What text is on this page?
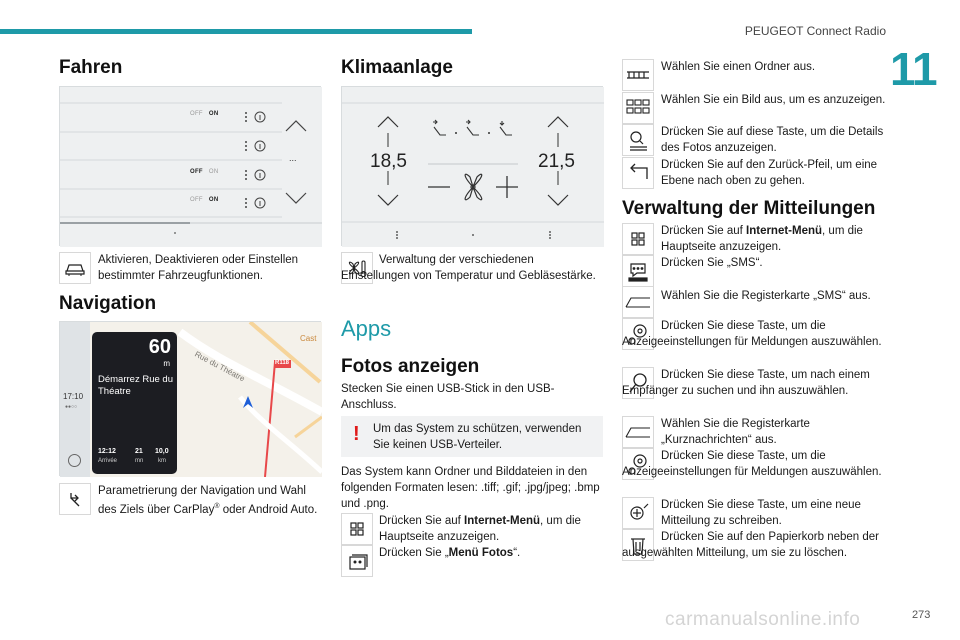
PEUGEOT Connect Radio
11
273
Fahren
OFF ON
OFF ON
OFF ON
...
Aktivieren, Deaktivieren oder Einstellen bestimmter Fahrzeugfunktionen.
Navigation
60
m
Démarrez Rue du Théatre
12:12
Arrivée
21
mn
10,0
km
17:10
●●○○
Rue du Théatre	R118
Cast
Parametrierung der Navigation und Wahl des Ziels über CarPlay® oder Android Auto.
Klimaanlage
18,5	21,5
Verwaltung der verschiedenen Einstellungen von Temperatur und Gebläsestärke.
Apps
Fotos anzeigen
Stecken Sie einen USB-Stick in den USB-Anschluss.
! Um das System zu schützen, verwenden Sie keinen USB-Verteiler.
Das System kann Ordner und Bilddateien in den folgenden Formaten lesen: .tiff; .gif; .jpg/jpeg; .bmp und .png.
Drücken Sie auf Internet-Menü, um die Hauptseite anzuzeigen.
Drücken Sie „Menü Fotos“.
Wählen Sie einen Ordner aus.
Wählen Sie ein Bild aus, um es anzuzeigen.
Drücken Sie auf diese Taste, um die Details des Fotos anzuzeigen.
Drücken Sie auf den Zurück-Pfeil, um eine Ebene nach oben zu gehen.
Verwaltung der Mitteilungen
Drücken Sie auf Internet-Menü, um die Hauptseite anzuzeigen.
Drücken Sie „SMS“.
Wählen Sie die Registerkarte „SMS“ aus.
Drücken Sie diese Taste, um die Anzeigeeinstellungen für Meldungen auszuwählen.
Drücken Sie diese Taste, um nach einem Empfänger zu suchen und ihn auszuwählen.
Wählen Sie die Registerkarte „Kurznachrichten“ aus.
Drücken Sie diese Taste, um die Anzeigeeinstellungen für Meldungen auszuwählen.
Drücken Sie diese Taste, um eine neue Mitteilung zu schreiben.
Drücken Sie auf den Papierkorb neben der ausgewählten Mitteilung, um sie zu löschen.
carmanualsonline.info
